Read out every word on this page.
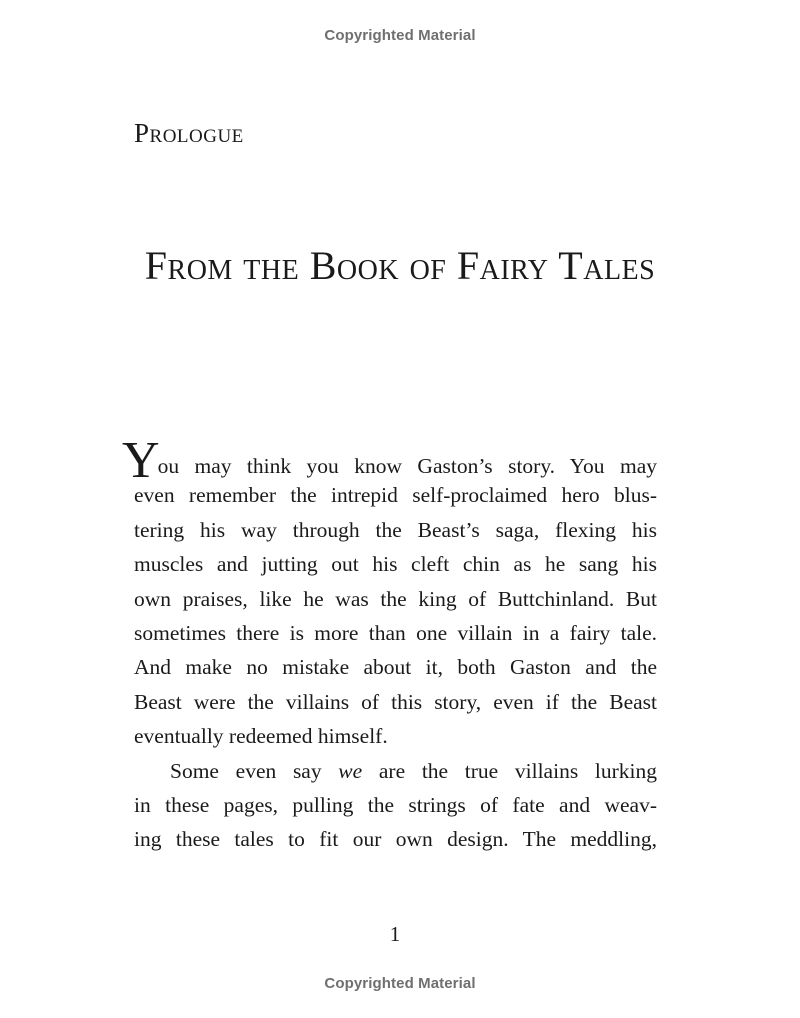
Copyrighted Material
Prologue
From the Book of Fairy Tales
You may think you know Gaston’s story. You may
even remember the intrepid self-proclaimed hero blus-
tering his way through the Beast’s saga, flexing his
muscles and jutting out his cleft chin as he sang his
own praises, like he was the king of Buttchinland. But
sometimes there is more than one villain in a fairy tale.
And make no mistake about it, both Gaston and the
Beast were the villains of this story, even if the Beast
eventually redeemed himself.
Some even say we are the true villains lurking
in these pages, pulling the strings of fate and weav-
ing these tales to fit our own design. The meddling,
1
Copyrighted Material
